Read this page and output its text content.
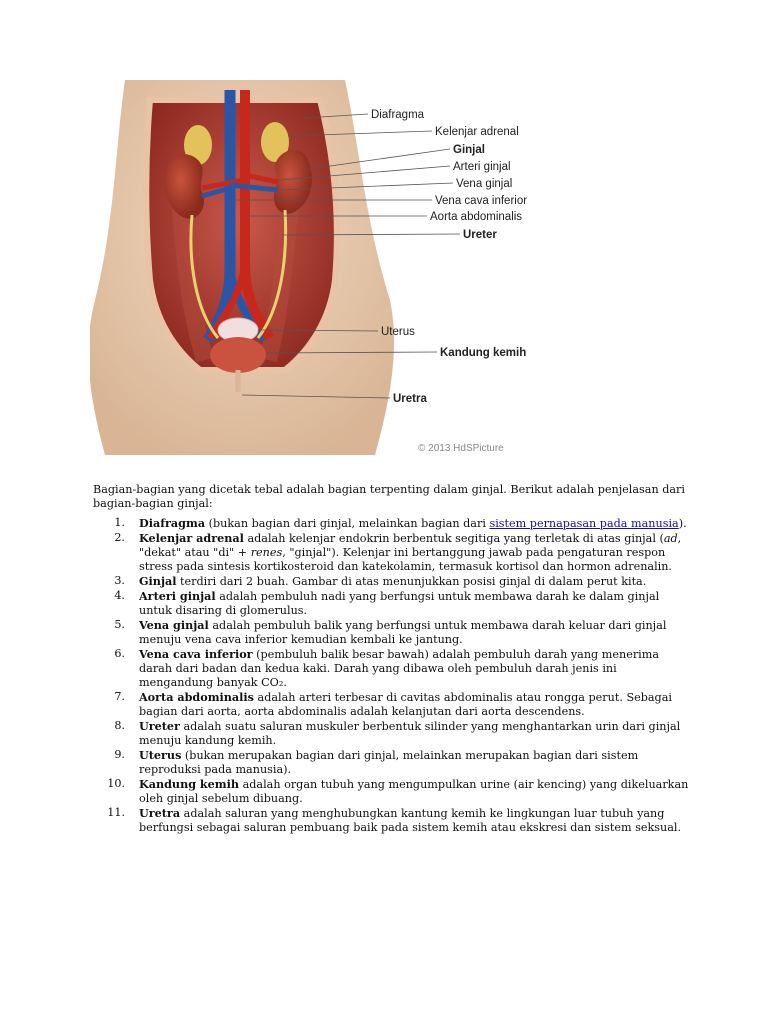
Diafragma
Kelenjar adrenal
Ginjal
Arteri ginjal
Vena ginjal
Vena cava inferior
Aorta abdominalis
Ureter
Uterus
Kandung kemih
Uretra
© 2013 HdSPicture

Bagian-bagian yang dicetak tebal adalah bagian terpenting dalam ginjal. Berikut adalah penjelasan dari bagian-bagian ginjal:

1. Diafragma (bukan bagian dari ginjal, melainkan bagian dari sistem pernapasan pada manusia).
2. Kelenjar adrenal adalah kelenjar endokrin berbentuk segitiga yang terletak di atas ginjal (ad, "dekat" atau "di" + renes, "ginjal"). Kelenjar ini bertanggung jawab pada pengaturan respon stress pada sintesis kortikosteroid dan katekolamin, termasuk kortisol dan hormon adrenalin.
3. Ginjal terdiri dari 2 buah. Gambar di atas menunjukkan posisi ginjal di dalam perut kita.
4. Arteri ginjal adalah pembuluh nadi yang berfungsi untuk membawa darah ke dalam ginjal untuk disaring di glomerulus.
5. Vena ginjal adalah pembuluh balik yang berfungsi untuk membawa darah keluar dari ginjal menuju vena cava inferior kemudian kembali ke jantung.
6. Vena cava inferior (pembuluh balik besar bawah) adalah pembuluh darah yang menerima darah dari badan dan kedua kaki. Darah yang dibawa oleh pembuluh darah jenis ini mengandung banyak CO₂.
7. Aorta abdominalis adalah arteri terbesar di cavitas abdominalis atau rongga perut. Sebagai bagian dari aorta, aorta abdominalis adalah kelanjutan dari aorta descendens.
8. Ureter adalah suatu saluran muskuler berbentuk silinder yang menghantarkan urin dari ginjal menuju kandung kemih.
9. Uterus (bukan merupakan bagian dari ginjal, melainkan merupakan bagian dari sistem reproduksi pada manusia).
10. Kandung kemih adalah organ tubuh yang mengumpulkan urine (air kencing) yang dikeluarkan oleh ginjal sebelum dibuang.
11. Uretra adalah saluran yang menghubungkan kantung kemih ke lingkungan luar tubuh yang berfungsi sebagai saluran pembuang baik pada sistem kemih atau ekskresi dan sistem seksual.
